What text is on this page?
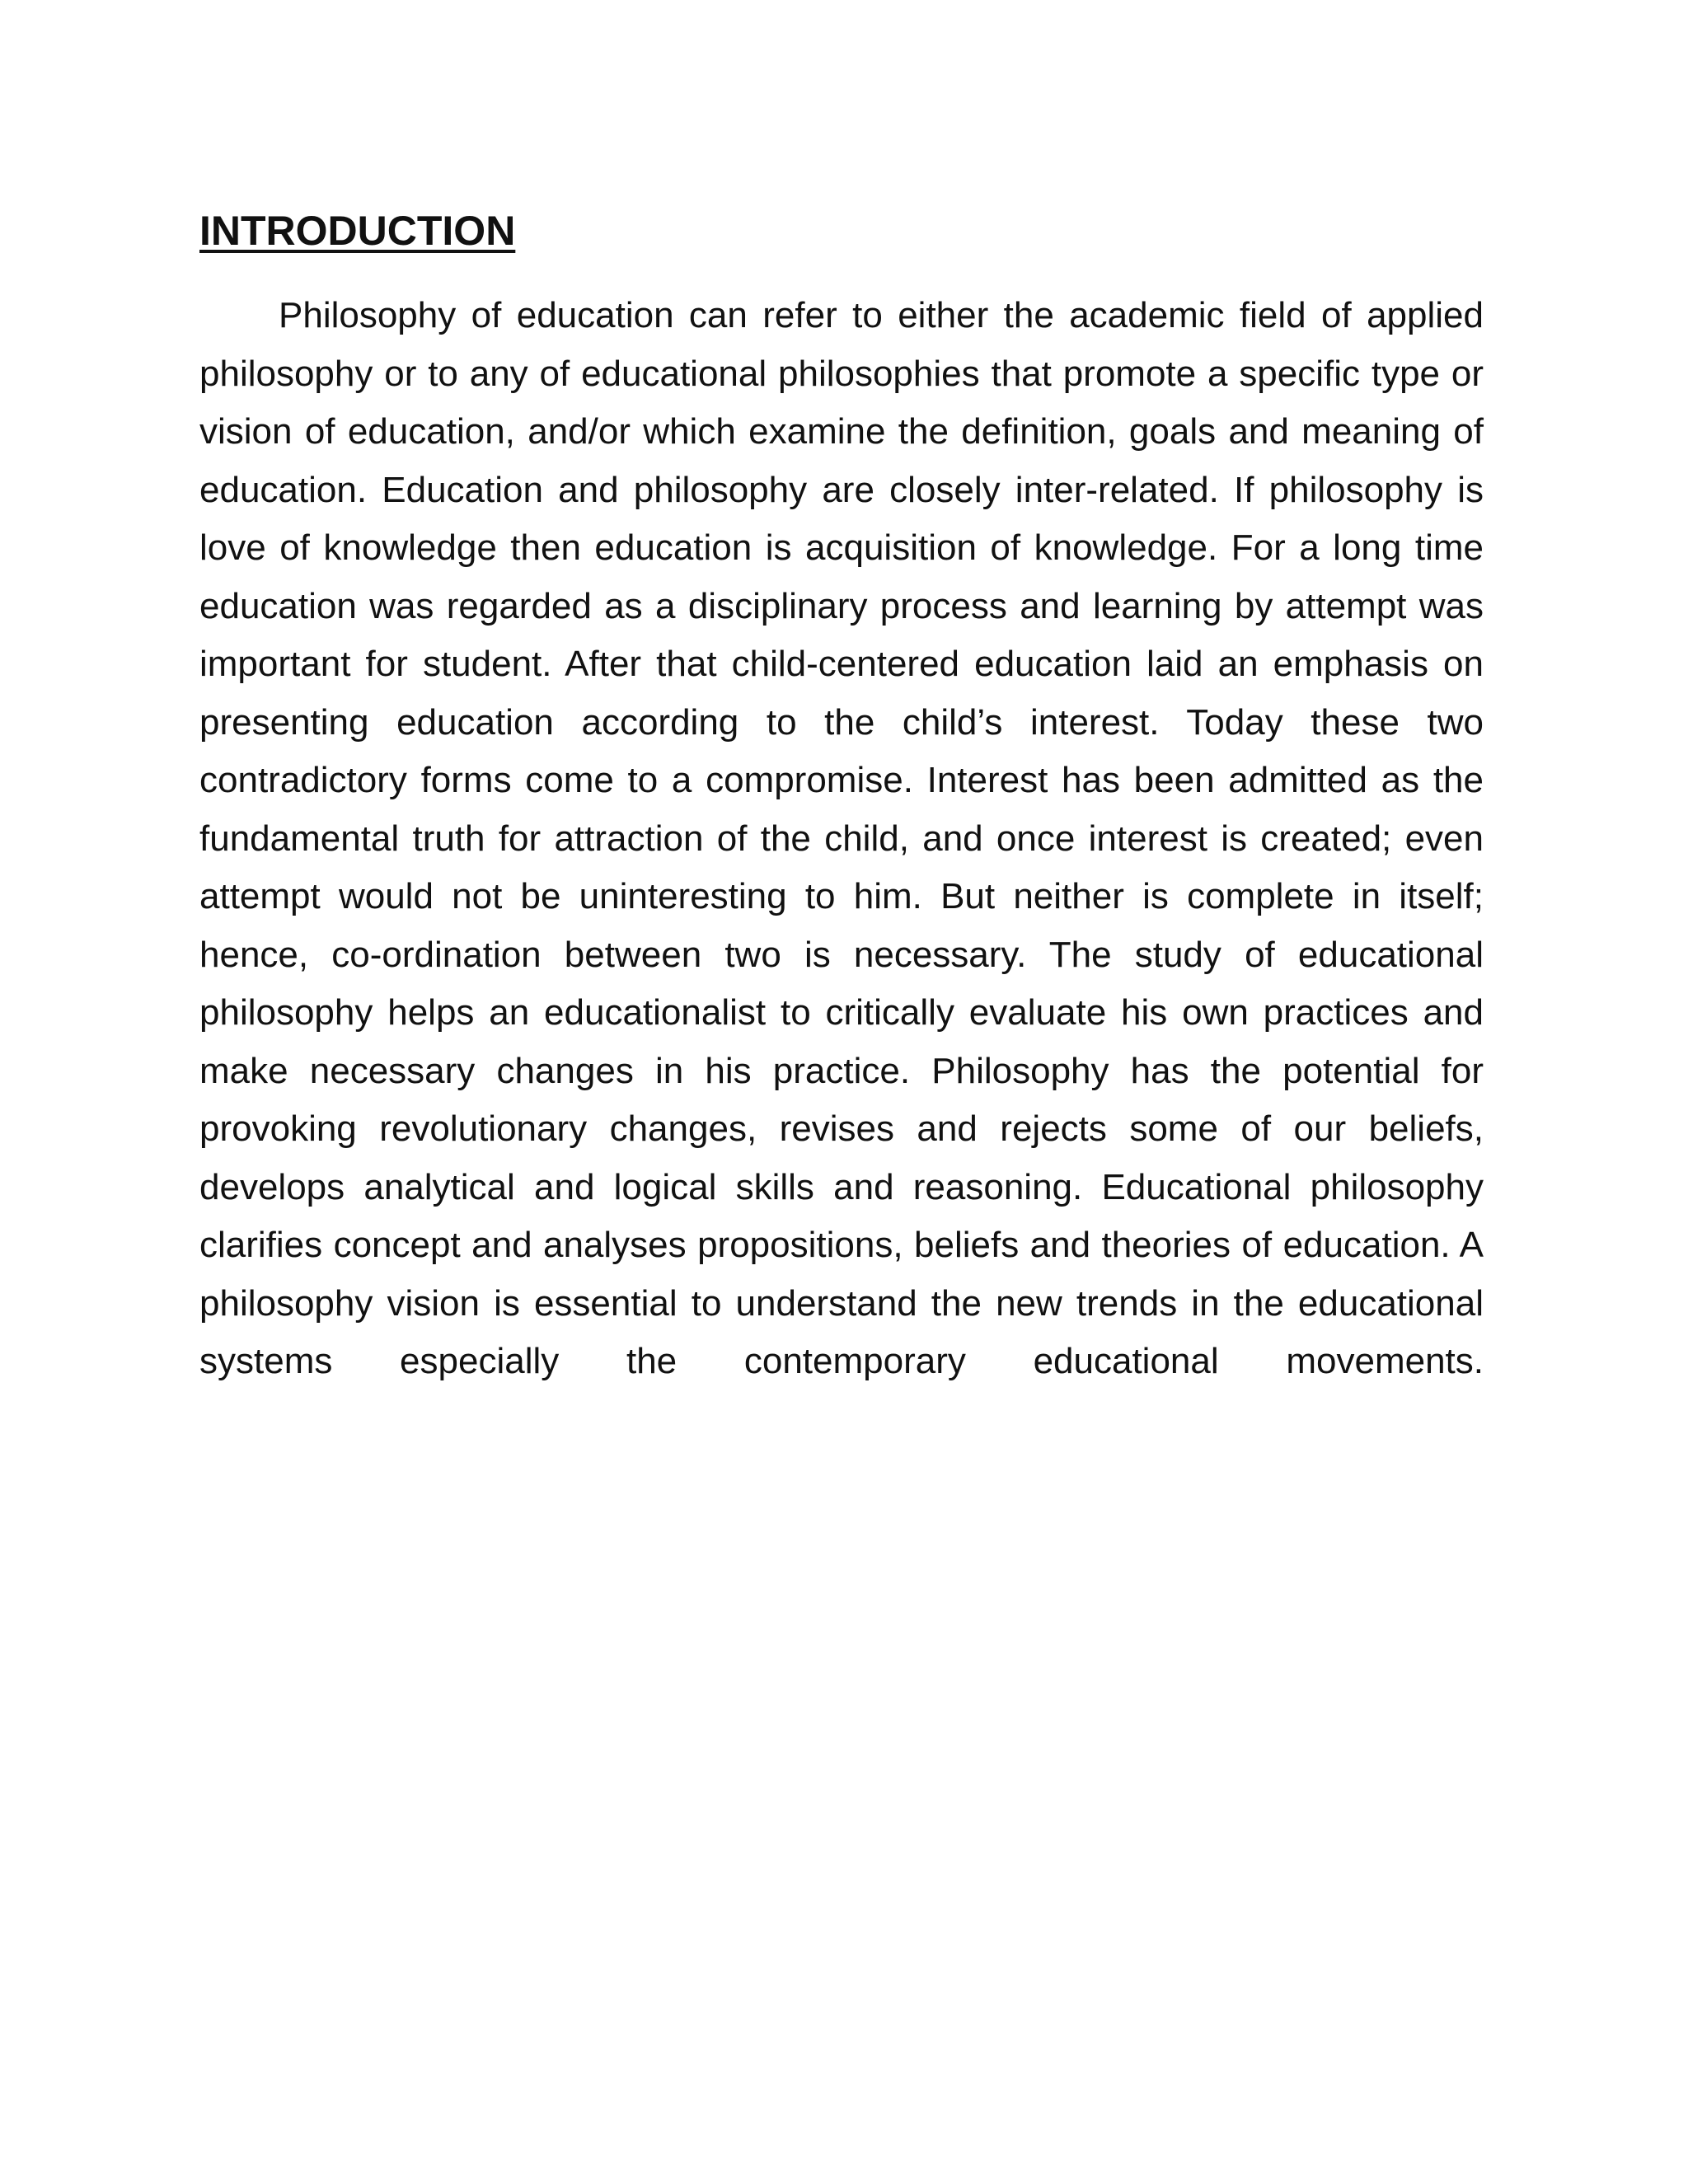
INTRODUCTION

Philosophy of education can refer to either the academic field of applied philosophy or to any of educational philosophies that promote a specific type or vision of education, and/or which examine the definition, goals and meaning of education. Education and philosophy are closely inter-related. If philosophy is love of knowledge then education is acquisition of knowledge. For a long time education was regarded as a disciplinary process and learning by attempt was important for student. After that child-centered education laid an emphasis on presenting education according to the child’s interest. Today these two contradictory forms come to a compromise. Interest has been admitted as the fundamental truth for attraction of the child, and once interest is created; even attempt would not be uninteresting to him. But neither is complete in itself; hence, co-ordination between two is necessary. The study of educational philosophy helps an educationalist to critically evaluate his own practices and make necessary changes in his practice. Philosophy has the potential for provoking revolutionary changes, revises and rejects some of our beliefs, develops analytical and logical skills and reasoning. Educational philosophy clarifies concept and analyses propositions, beliefs and theories of education. A philosophy vision is essential to understand the new trends in the educational systems especially the contemporary educational movements.
